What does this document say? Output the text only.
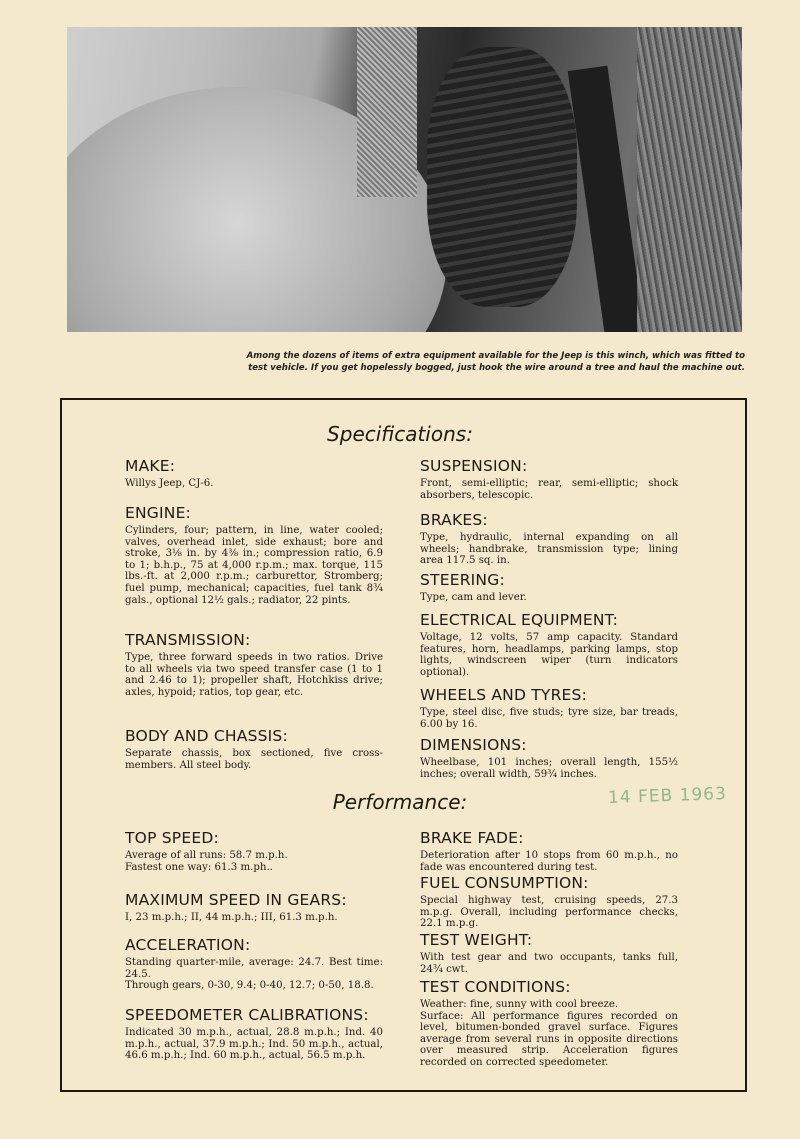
Among the dozens of items of extra equipment available for the Jeep is this winch, which was fitted to test vehicle. If you get hopelessly bogged, just hook the wire around a tree and haul the machine out.
Specifications:
Performance:	14 FEB 1963
MAKE:

Willys Jeep, CJ-6.

ENGINE:

Cylinders, four; pattern, in line, water cooled; valves, overhead inlet, side exhaust; bore and stroke, 3⅛ in. by 4⅜ in.; compression ratio, 6.9 to 1; b.h.p., 75 at 4,000 r.p.m.; max. torque, 115 lbs.-ft. at 2,000 r.p.m.; carburettor, Stromberg; fuel pump, mechanical; capacities, fuel tank 8¾ gals., optional 12½ gals.; radiator, 22 pints.

TRANSMISSION:

Type, three forward speeds in two ratios. Drive to all wheels via two speed transfer case (1 to 1 and 2.46 to 1); propeller shaft, Hotchkiss drive; axles, hypoid; ratios, top gear, etc.

BODY AND CHASSIS:

Separate chassis, box sectioned, five cross-members. All steel body.

SUSPENSION:

Front, semi-elliptic; rear, semi-elliptic; shock absorbers, telescopic.

BRAKES:

Type, hydraulic, internal expanding on all wheels; handbrake, transmission type; lining area 117.5 sq. in.

STEERING:

Type, cam and lever.

ELECTRICAL EQUIPMENT:

Voltage, 12 volts, 57 amp capacity. Standard features, horn, headlamps, parking lamps, stop lights, windscreen wiper (turn indicators optional).

WHEELS AND TYRES:

Type, steel disc, five studs; tyre size, bar treads, 6.00 by 16.

DIMENSIONS:

Wheelbase, 101 inches; overall length, 155½ inches; overall width, 59¾ inches.

TOP SPEED:

Average of all runs: 58.7 m.p.h.
Fastest one way: 61.3 m.ph..

MAXIMUM SPEED IN GEARS:

I, 23 m.p.h.; II, 44 m.p.h.; III, 61.3 m.p.h.

ACCELERATION:

Standing quarter-mile, average: 24.7. Best time: 24.5.
Through gears, 0-30, 9.4; 0-40, 12.7; 0-50, 18.8.

SPEEDOMETER CALIBRATIONS:

Indicated 30 m.p.h., actual, 28.8 m.p.h.; Ind. 40 m.p.h., actual, 37.9 m.p.h.; Ind. 50 m.p.h., actual, 46.6 m.p.h.; Ind. 60 m.p.h., actual, 56.5 m.p.h.

BRAKE FADE:

Deterioration after 10 stops from 60 m.p.h., no fade was encountered during test.

FUEL CONSUMPTION:

Special highway test, cruising speeds, 27.3 m.p.g. Overall, including performance checks, 22.1 m.p.g.

TEST WEIGHT:

With test gear and two occupants, tanks full, 24¾ cwt.

TEST CONDITIONS:

Weather: fine, sunny with cool breeze.
Surface: All performance figures recorded on level, bitumen-bonded gravel surface. Figures average from several runs in opposite directions over measured strip. Acceleration figures recorded on corrected speedometer.
